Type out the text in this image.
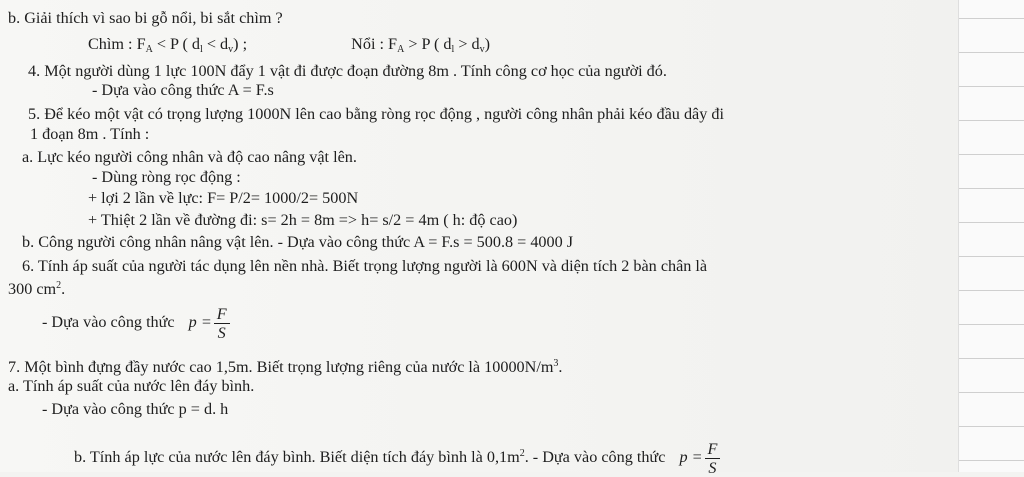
b. Giải thích vì sao bi gỗ nổi, bi sắt chìm ?
Chìm : $F_A < P$ ( $d_l < d_v$) ;	Nổi : $F_A > P$ ( $d_l > d_v$)
4. Một người dùng 1 lực 100N đẩy 1 vật đi được đoạn đường 8m . Tính công cơ học của người đó.
- Dựa vào công thức A = F.s
5. Để kéo một vật có trọng lượng 1000N lên cao bằng ròng rọc động , người công nhân phải kéo đầu dây đi
1 đoạn 8m . Tính :
a. Lực kéo người công nhân và độ cao nâng vật lên.
- Dùng ròng rọc động :
+ lợi 2 lần về lực: F= P/2= 1000/2= 500N
+ Thiệt 2 lần về đường đi: s= 2h = 8m => h= s/2 = 4m ( h: độ cao)
b. Công người công nhân nâng vật lên. - Dựa vào công thức A = F.s = 500.8 = 4000 J
6. Tính áp suất của người tác dụng lên nền nhà. Biết trọng lượng người là 600N và diện tích 2 bàn chân là
300 $cm^2$.
- Dựa vào công thức $p = \frac{F}{S}$
7. Một bình đựng đầy nước cao 1,5m. Biết trọng lượng riêng của nước là $10000N/m^3$.
a. Tính áp suất của nước lên đáy bình.
- Dựa vào công thức p = d. h
b. Tính áp lực của nước lên đáy bình. Biết diện tích đáy bình là $0,1m^2$. - Dựa vào công thức $p = \frac{F}{S}$
